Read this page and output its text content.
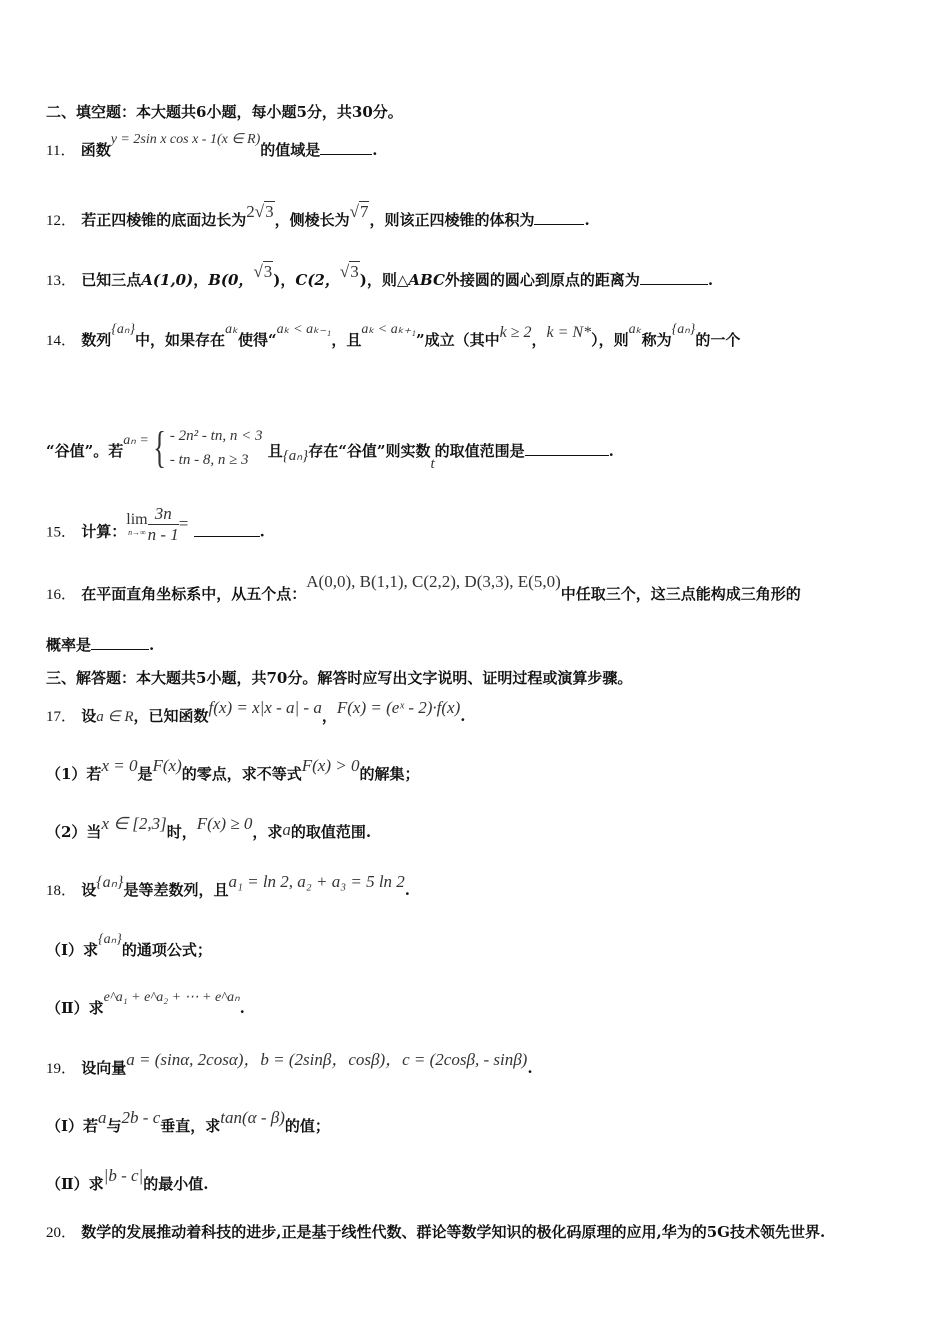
二、填空题：本大题共6小题，每小题5分，共30分。
11． 函数y = 2sin x cos x - 1(x ∈ R)的值域是	.
12． 若正四棱锥的底面边长为2√3，侧棱长为√7，则该正四棱锥的体积为	.
13． 已知三点A(1,0)，B(0，√3)，C(2，√3)，则△ABC外接圆的圆心到原点的距离为	.
14． 数列{aₙ}中，如果存在aₖ使得“aₖ < aₖ₋₁，且aₖ < aₖ₊₁”成立（其中k ≥ 2，k = N*），则aₖ称为{aₙ}的一个
“谷值”。若aₙ ={ - 2n² - tn, n < 3
- tn - 8, n ≥ 3	且{aₙ}存在“谷值”则实数t的取值范围是	.
15． 计算：lim
$n\to\infty \frac{3n}{n - 1}$ =	.
16． 在平面直角坐标系中，从五个点：A(0,0), B(1,1), C(2,2), D(3,3), E(5,0)中任取三个，这三点能构成三角形的
概率是	.
三、解答题：本大题共5小题，共70分。解答时应写出文字说明、证明过程或演算步骤。
17． 设a ∈ R，已知函数f(x) = x|x - a| - a，F(x) = (eˣ - 2)·f(x).
（1）若x = 0是F(x)的零点，求不等式F(x) > 0的解集；
（2）当x ∈ [2,3]时，F(x) ≥ 0，求a的取值范围.
18． 设{aₙ}是等差数列，且a₁ = ln 2, a₂ + a₃ = 5 ln 2.
（Ⅰ）求{aₙ}的通项公式；
（Ⅱ）求e^a₁ + e^a₂ + ⋯ + e^aₙ.
19． 设向量a = (sinα, 2cosα)，b = (2sinβ，cosβ)，c = (2cosβ, - sinβ).
（Ⅰ）若a与2b - c垂直，求tan(α - β)的值；
（Ⅱ）求|b - c|的最小值.
20． 数学的发展推动着科技的进步,正是基于线性代数、群论等数学知识的极化码原理的应用,华为的5G技术领先世界.
